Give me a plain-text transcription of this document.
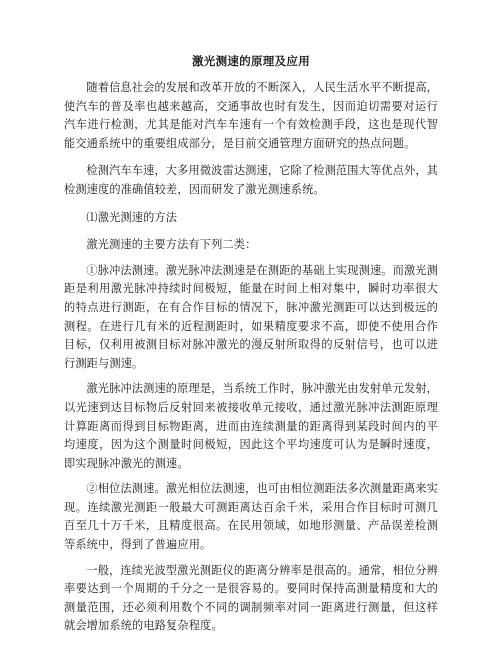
激光测速的原理及应用

随着信息社会的发展和改革开放的不断深入，人民生活水平不断提高，使汽车的普及率也越来越高，交通事故也时有发生，因而迫切需要对运行汽车进行检测，尤其是能对汽车车速有一个有效检测手段，这也是现代智能交通系统中的重要组成部分，是目前交通管理方面研究的热点问题。

检测汽车车速，大多用微波雷达测速，它除了检测范围大等优点外，其检测速度的准确值较差，因而研发了激光测速系统。

⑴激光测速的方法

激光测速的主要方法有下列二类：

①脉冲法测速。激光脉冲法测速是在测距的基础上实现测速。而激光测距是利用激光脉冲持续时间极短，能量在时间上相对集中，瞬时功率很大的特点进行测距，在有合作目标的情况下，脉冲激光测距可以达到极远的测程。在进行几有米的近程测距时，如果精度要求不高，即使不使用合作目标，仅利用被测目标对脉冲激光的漫反射所取得的反射信号，也可以进行测距与测速。

激光脉冲法测速的原理是，当系统工作时，脉冲激光由发射单元发射，以光速到达目标物后反射回来被接收单元接收，通过激光脉冲法测距原理计算距离而得到目标物距离，进而由连续测量的距离得到某段时间内的平均速度，因为这个测量时间极短，因此这个平均速度可认为是瞬时速度，即实现脉冲激光的测速。

②相位法测速。激光相位法测速，也可由相位测距法多次测量距离来实现。连续激光测距一般最大可测距离达百余千米，采用合作目标时可测几百至几十万千米，且精度很高。在民用领域，如地形测量、产品误差检测等系统中，得到了普遍应用。

一般，连续光波型激光测距仪的距离分辨率是很高的。通常，相位分辨率要达到一个周期的千分之一是很容易的。要同时保持高测量精度和大的测量范围，还必须利用数个不同的调制频率对同一距离进行测量，但这样就会增加系统的电路复杂程度。
